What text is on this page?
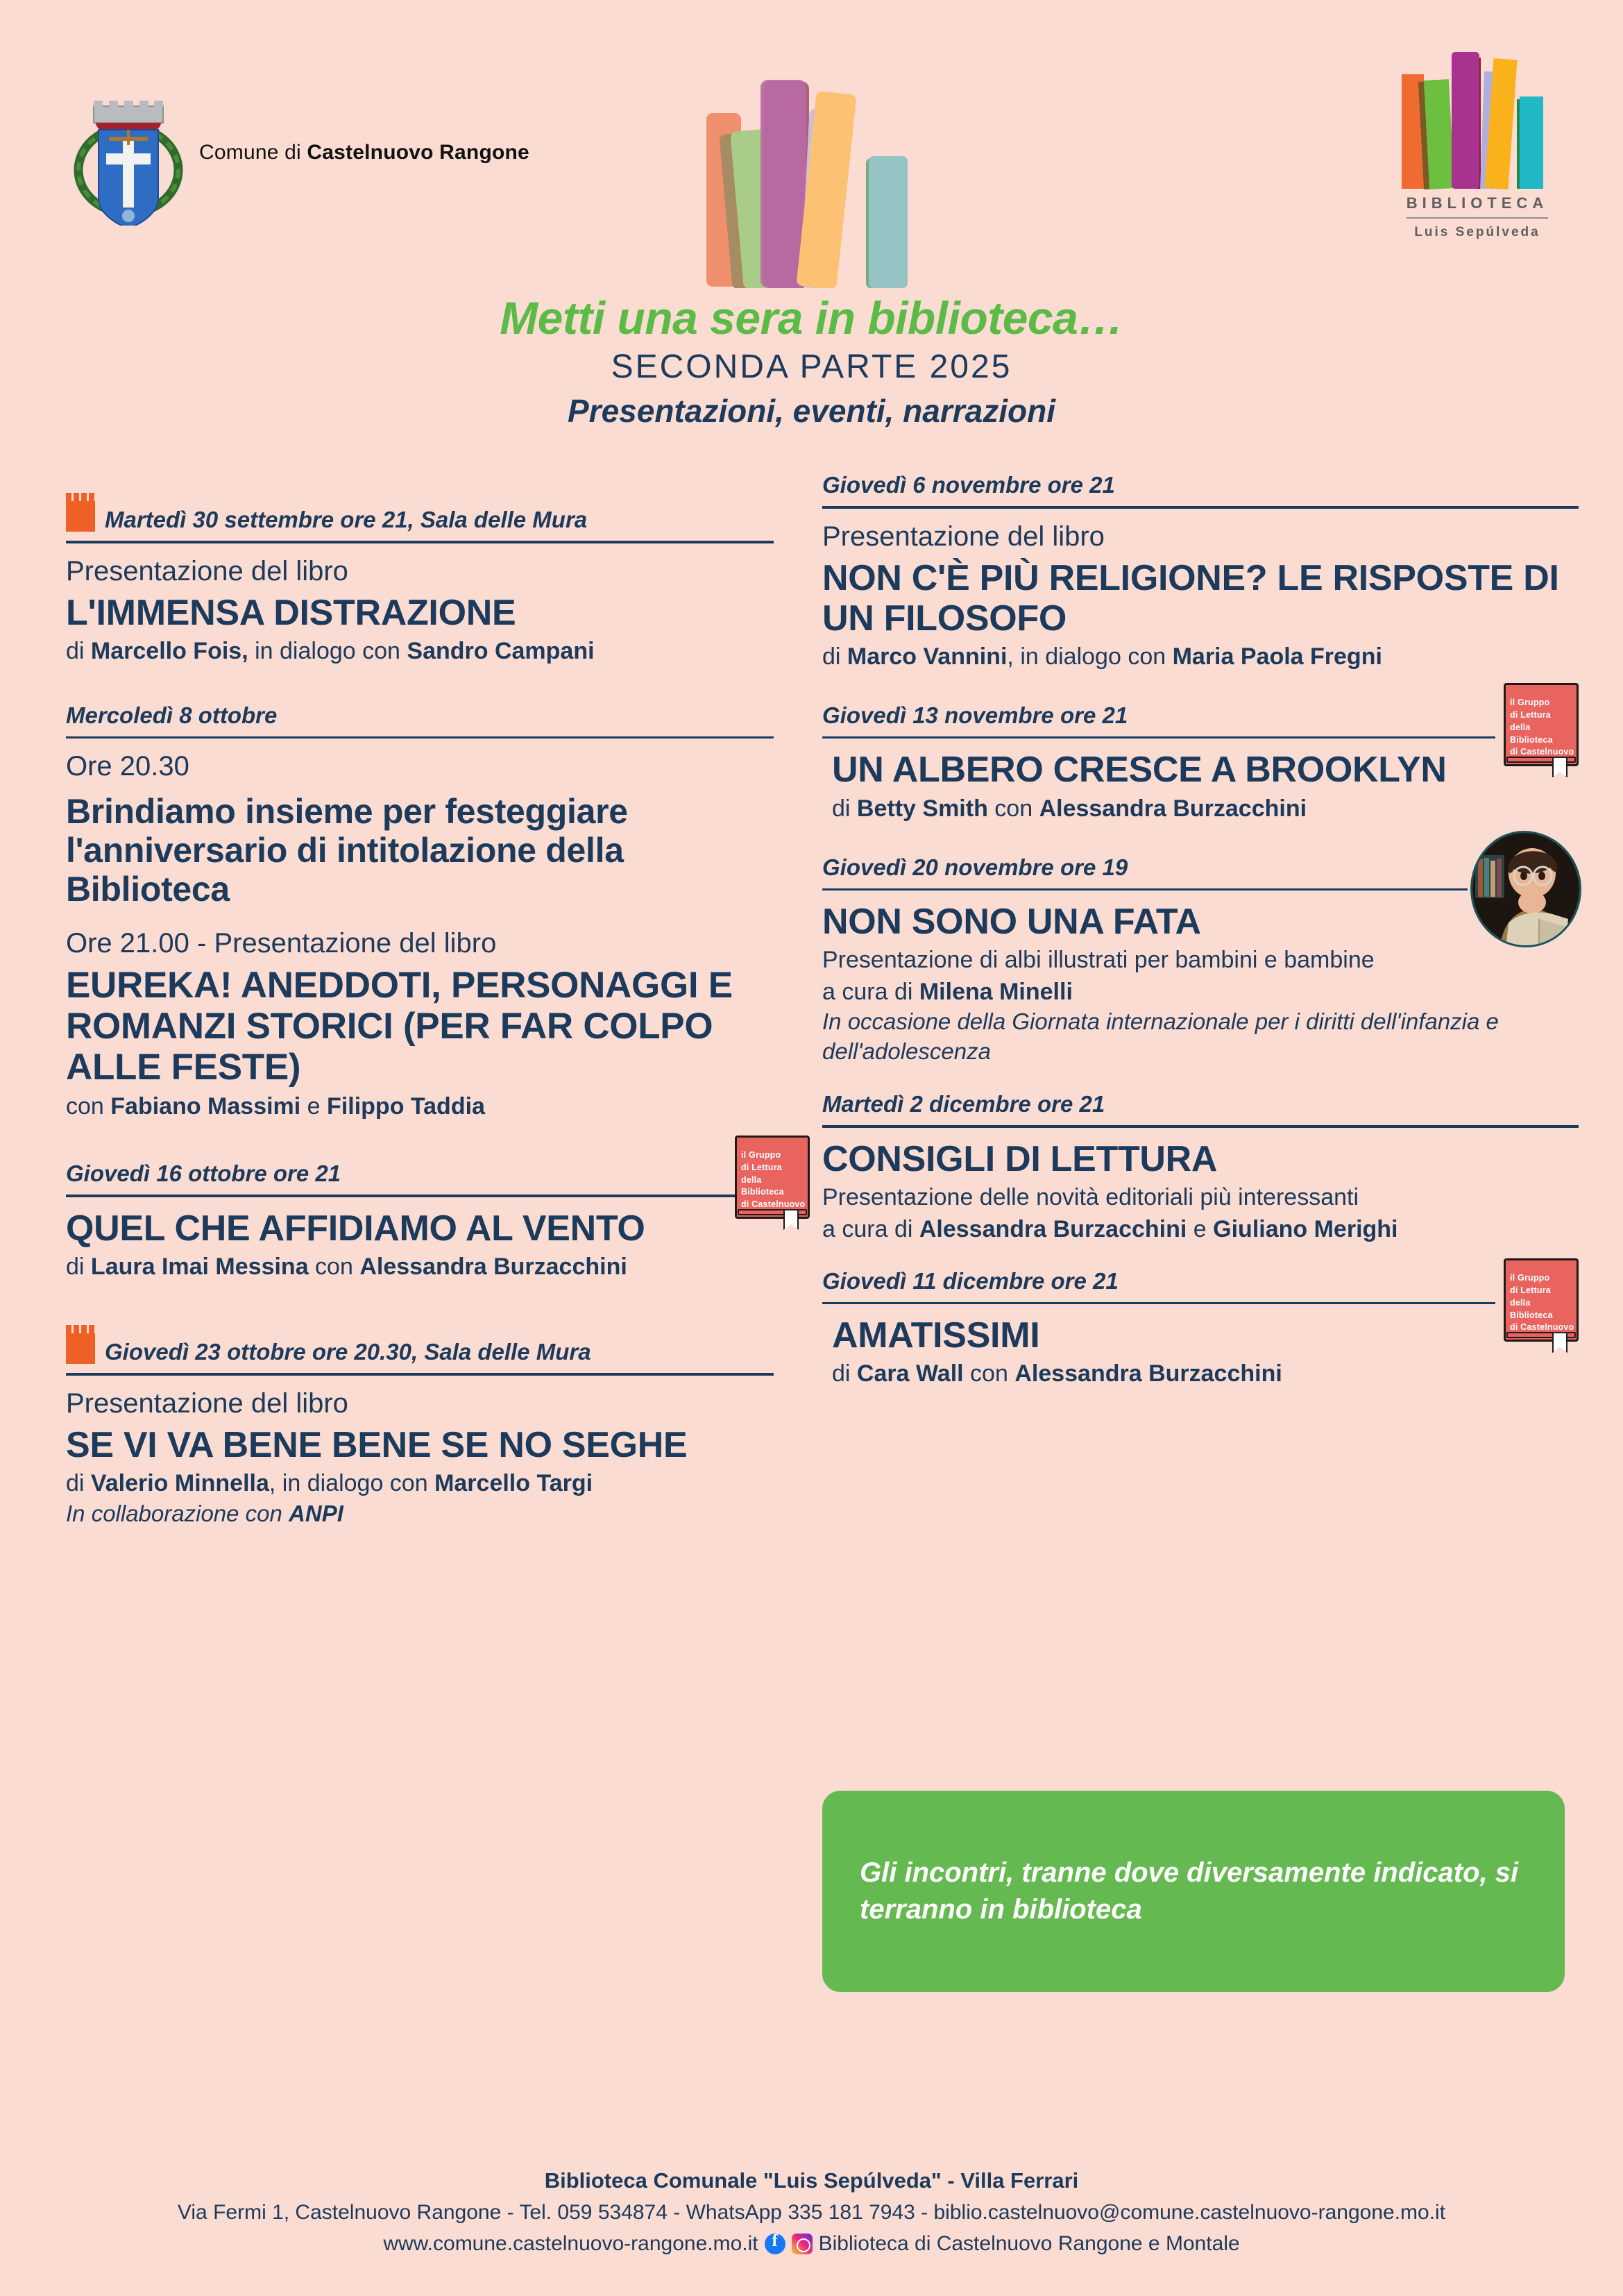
Comune di Castelnuovo Rangone
BIBLIOTECA
Luis Sepúlveda
Metti una sera in biblioteca…
SECONDA PARTE 2025
Presentazioni, eventi, narrazioni
Martedì 30 settembre ore 21, Sala delle Mura
Presentazione del libro
L'IMMENSA DISTRAZIONE
di Marcello Fois, in dialogo con Sandro Campani
Mercoledì 8 ottobre
Ore 20.30
Brindiamo insieme per festeggiare l'anniversario di intitolazione della Biblioteca
Ore 21.00 - Presentazione del libro
EUREKA! ANEDDOTI, PERSONAGGI E ROMANZI STORICI (PER FAR COLPO ALLE FESTE)
con Fabiano Massimi e Filippo Taddia
il Gruppo
di Lettura
della Biblioteca
di Castelnuovo
Giovedì 16 ottobre ore 21
QUEL CHE AFFIDIAMO AL VENTO
di Laura Imai Messina con Alessandra Burzacchini
Giovedì 23 ottobre ore 20.30, Sala delle Mura
Presentazione del libro
SE VI VA BENE BENE SE NO SEGHE
di Valerio Minnella, in dialogo con Marcello Targi
In collaborazione con ANPI
Giovedì 6 novembre ore 21
Presentazione del libro
NON C'È PIÙ RELIGIONE? LE RISPOSTE DI UN FILOSOFO
di Marco Vannini, in dialogo con Maria Paola Fregni
il Gruppo
di Lettura
della Biblioteca
di Castelnuovo
Giovedì 13 novembre ore 21
UN ALBERO CRESCE A BROOKLYN
di Betty Smith con Alessandra Burzacchini
Giovedì 20 novembre ore 19
NON SONO UNA FATA
Presentazione di albi illustrati per bambini e bambine
a cura di Milena Minelli
In occasione della Giornata internazionale per i diritti dell'infanzia e dell'adolescenza
Martedì 2 dicembre ore 21
CONSIGLI DI LETTURA
Presentazione delle novità editoriali più interessanti
a cura di Alessandra Burzacchini e Giuliano Merighi
il Gruppo
di Lettura
della Biblioteca
di Castelnuovo
Giovedì 11 dicembre ore 21
AMATISSIMI
di Cara Wall con Alessandra Burzacchini

Gli incontri, tranne dove diversamente indicato, si terranno in biblioteca

Biblioteca Comunale "Luis Sepúlveda" - Villa Ferrari
Via Fermi 1, Castelnuovo Rangone - Tel. 059 534874 - WhatsApp 335 181 7943 - biblio.castelnuovo@comune.castelnuovo-rangone.mo.it
www.comune.castelnuovo-rangone.mo.it f	Biblioteca di Castelnuovo Rangone e Montale
